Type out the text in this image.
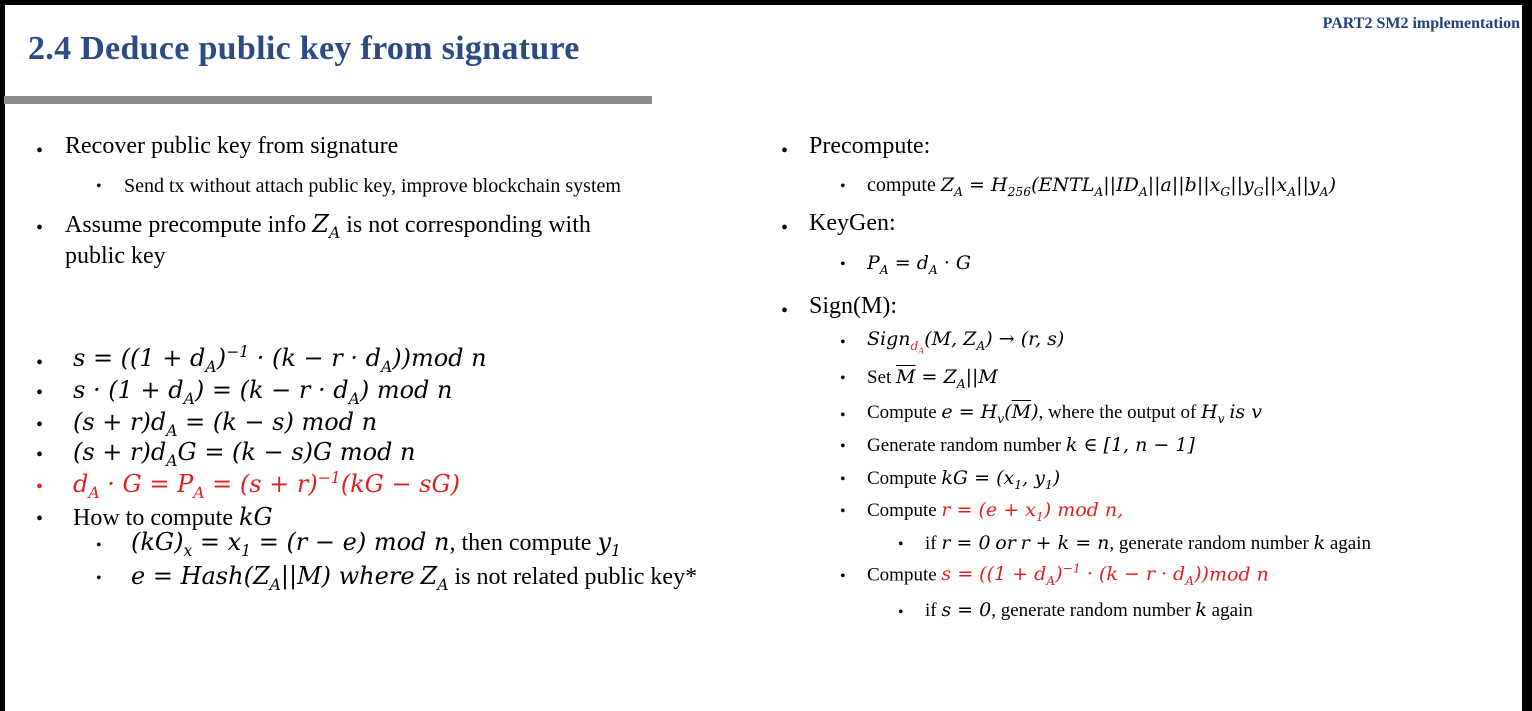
PART2 SM2 implementation
2.4 Deduce public key from signature
• Recover public key from signature
• Send tx without attach public key, improve blockchain system
• Assume precompute info $Z_A$ is not corresponding with
public key
• $s = ((1 + d_A)^{-1} \cdot (k - r \cdot d_A))mod$ n
• $s \cdot (1 + d_A) = (k - r \cdot d_A)$ mod n
• $(s + r)d_A = (k - s)$ mod n
• $(s + r)d_AG = (k - s)G$ mod n
• $d_A \cdot G = P_A = (s + r)^{-1}(kG - sG)$
• How to compute kG
• $(kG)_x = x_1 = (r - e)$ mod n, then compute $y_1$
• $e = Hash(Z_A||M)$ where $Z_A$ is not related public key*
• Precompute:
• compute $Z_A$ = $H_{256}(ENTL_A||ID_A||a||b||x_G||y_G||x_A||y_A)$
• KeyGen:
• $P_A = d_A \cdot G$
• Sign(M):
• Sign$_{d_A}$(M, $Z_A) \to (r$, s)
• Set $\overline{M} = Z_A||M$
• Compute $e = H_v(\overline{M})$, where the output of $H_v$ is v
• Generate random number k ∈ [1, n − 1]
• Compute kG = ($x_1$, $y_1$)
• Compute $r = (e + x_1)$ mod n,
• if r = 0 or r + k = n, generate random number k again
• Compute $s = ((1 + d_A)^{-1} \cdot (k - r \cdot d_A))mod$ n
• if s = 0, generate random number k again
